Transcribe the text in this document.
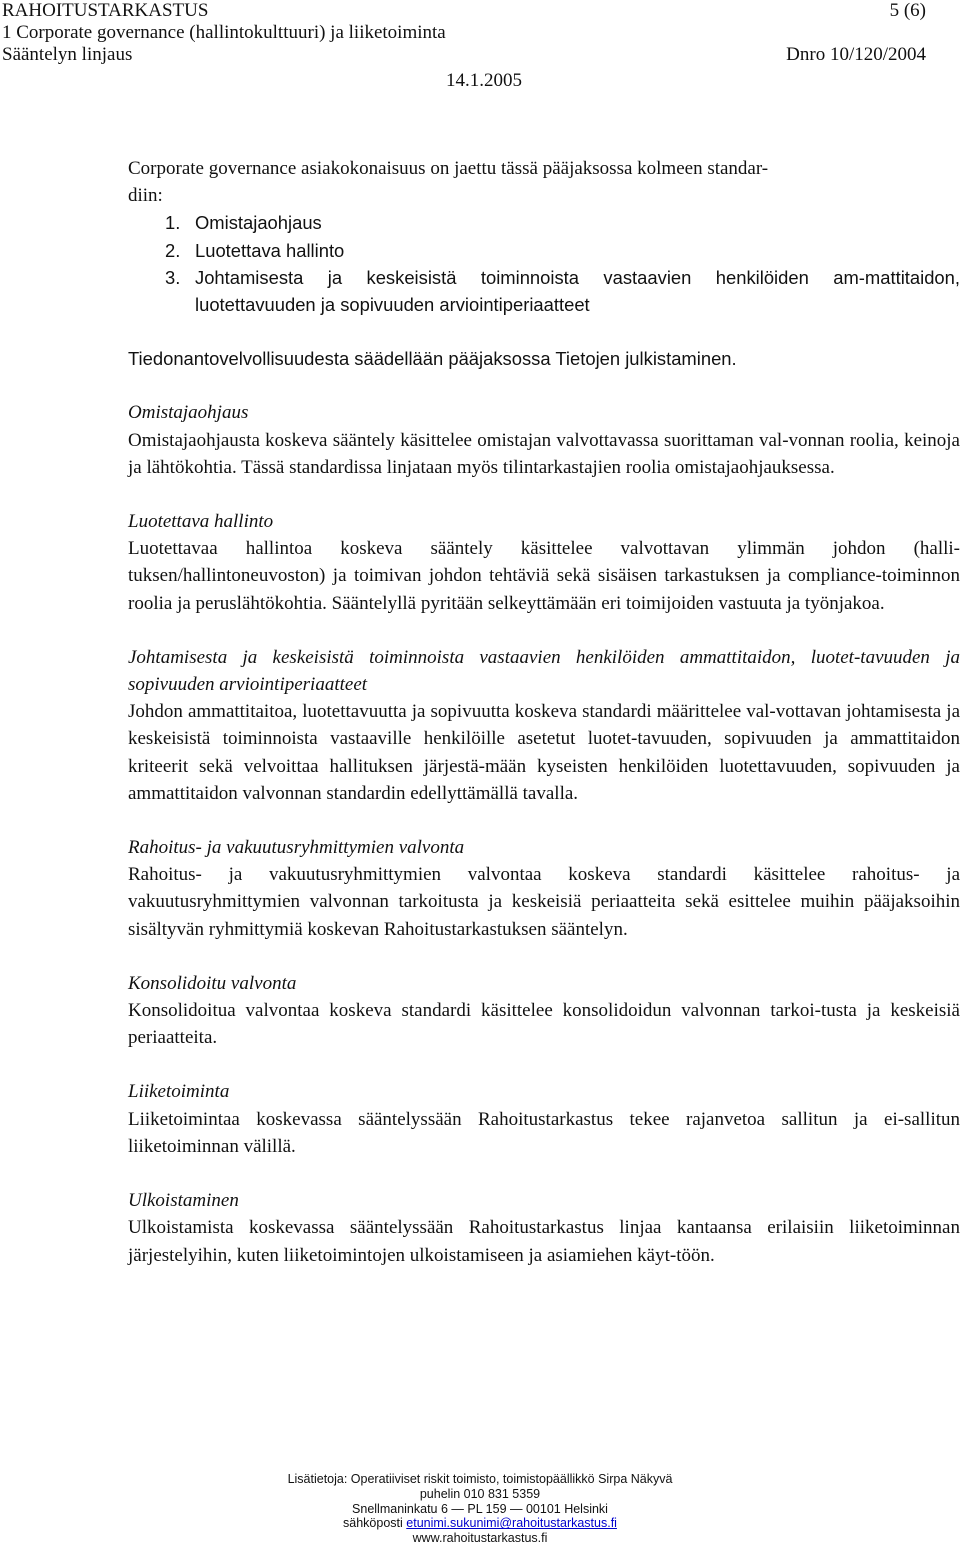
RAHOITUSTARKASTUS	5 (6)
1 Corporate governance (hallintokulttuuri) ja liiketoiminta
Sääntelyn linjaus	Dnro 10/120/2004
14.1.2005

Corporate governance asiakokonaisuus on jaettu tässä pääjaksossa kolmeen standar-
diin:

1. Omistajaohjaus
2. Luotettava hallinto
3. Johtamisesta ja keskeisistä toiminnoista vastaavien henkilöiden am-mattitaidon, luotettavuuden ja sopivuuden arviointiperiaatteet

Tiedonantovelvollisuudesta säädellään pääjaksossa Tietojen julkistaminen.

Omistajaohjaus

Omistajaohjausta koskeva sääntely käsittelee omistajan valvottavassa suorittaman val-vonnan roolia, keinoja ja lähtökohtia. Tässä standardissa linjataan myös tilintarkastajien roolia omistajaohjauksessa.

Luotettava hallinto

Luotettavaa hallintoa koskeva sääntely käsittelee valvottavan ylimmän johdon (halli-tuksen/hallintoneuvoston) ja toimivan johdon tehtäviä sekä sisäisen tarkastuksen ja compliance-toiminnon roolia ja peruslähtökohtia. Sääntelyllä pyritään selkeyttämään eri toimijoiden vastuuta ja työnjakoa.

Johtamisesta ja keskeisistä toiminnoista vastaavien henkilöiden ammattitaidon, luotet-tavuuden ja sopivuuden arviointiperiaatteet

Johdon ammattitaitoa, luotettavuutta ja sopivuutta koskeva standardi määrittelee val-vottavan johtamisesta ja keskeisistä toiminnoista vastaaville henkilöille asetetut luotet-tavuuden, sopivuuden ja ammattitaidon kriteerit sekä velvoittaa hallituksen järjestä-mään kyseisten henkilöiden luotettavuuden, sopivuuden ja ammattitaidon valvonnan standardin edellyttämällä tavalla.

Rahoitus- ja vakuutusryhmittymien valvonta

Rahoitus- ja vakuutusryhmittymien valvontaa koskeva standardi käsittelee rahoitus- ja vakuutusryhmittymien valvonnan tarkoitusta ja keskeisiä periaatteita sekä esittelee muihin pääjaksoihin sisältyvän ryhmittymiä koskevan Rahoitustarkastuksen sääntelyn.

Konsolidoitu valvonta

Konsolidoitua valvontaa koskeva standardi käsittelee konsolidoidun valvonnan tarkoi-tusta ja keskeisiä periaatteita.

Liiketoiminta

Liiketoimintaa koskevassa sääntelyssään Rahoitustarkastus tekee rajanvetoa sallitun ja ei-sallitun liiketoiminnan välillä.

Ulkoistaminen

Ulkoistamista koskevassa sääntelyssään Rahoitustarkastus linjaa kantaansa erilaisiin liiketoiminnan järjestelyihin, kuten liiketoimintojen ulkoistamiseen ja asiamiehen käyt-töön.

Lisätietoja: Operatiiviset riskit toimisto, toimistopäällikkö Sirpa Näkyvä
puhelin 010 831 5359
Snellmaninkatu 6 — PL 159 — 00101 Helsinki
sähköposti etunimi.sukunimi@rahoitustarkastus.fi
www.rahoitustarkastus.fi
